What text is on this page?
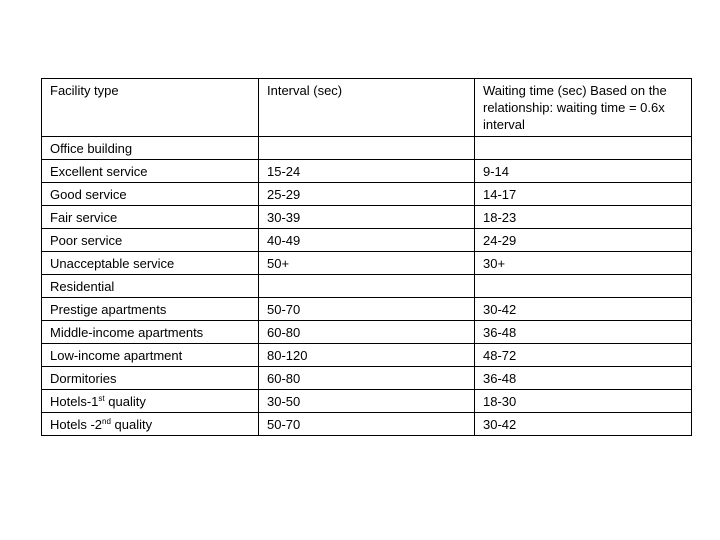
Facility type	Interval (sec)	Waiting time (sec) Based on the relationship: waiting time = 0.6x interval
Office building		
Excellent service	15-24	9-14
Good service	25-29	14-17
Fair service	30-39	18-23
Poor service	40-49	24-29
Unacceptable service	50+	30+
Residential		
Prestige apartments	50-70	30-42
Middle-income apartments	60-80	36-48
Low-income apartment	80-120	48-72
Dormitories	60-80	36-48
Hotels-1st quality	30-50	18-30
Hotels -2nd quality	50-70	30-42
